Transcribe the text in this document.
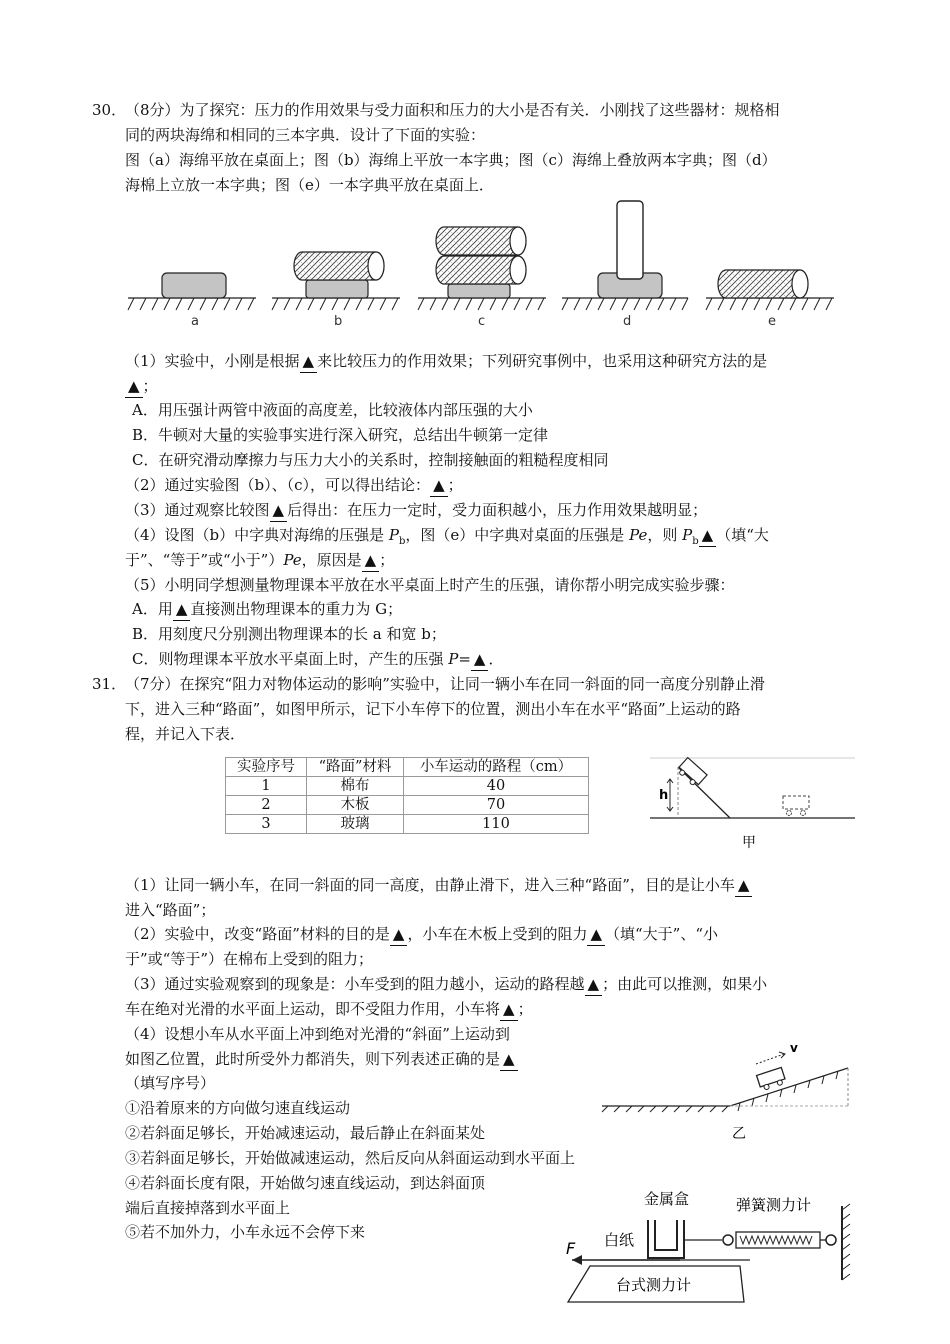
30．
（8分）为了探究：压力的作用效果与受力面积和压力的大小是否有关．小刚找了这些器材：规格相
同的两块海绵和相同的三本字典．设计了下面的实验：
图（a）海绵平放在桌面上；图（b）海绵上平放一本字典；图（c）海绵上叠放两本字典；图（d）
海棉上立放一本字典；图（e）一本字典平放在桌面上．
a	b	c	d	e
（1）实验中，小刚是根据 ▲ 来比较压力的作用效果；下列研究事例中，也采用这种研究方法的是
▲ ；
A．用压强计两管中液面的高度差，比较液体内部压强的大小
B．牛顿对大量的实验事实进行深入研究，总结出牛顿第一定律
C．在研究滑动摩擦力与压力大小的关系时，控制接触面的粗糙程度相同
（2）通过实验图（b）、（c），可以得出结论： ▲ ；
（3）通过观察比较图 ▲ 后得出：在压力一定时，受力面积越小，压力作用效果越明显；
（4）设图（b）中字典对海绵的压强是 $P_b$，图（e）中字典对桌面的压强是 Pe，则 $P_b$ ▲ （填“大
于”、“等于”或“小于”）Pe，原因是 ▲ ；
（5）小明同学想测量物理课本平放在水平桌面上时产生的压强，请你帮小明完成实验步骤：
A．用 ▲ 直接测出物理课本的重力为 G；
B．用刻度尺分别测出物理课本的长 a 和宽 b；
C．则物理课本平放水平桌面上时，产生的压强 P= ▲ ．
31．
（7分）在探究“阻力对物体运动的影响”实验中，让同一辆小车在同一斜面的同一高度分别静止滑
下，进入三种“路面”，如图甲所示，记下小车停下的位置，测出小车在水平“路面”上运动的路
程，并记入下表．
实验序号	“路面”材料	小车运动的路程（cm）
1	棉布	40
2	木板	70
3	玻璃	110
h
甲
（1）让同一辆小车，在同一斜面的同一高度，由静止滑下，进入三种“路面”，目的是让小车 ▲
进入“路面”；
（2）实验中，改变“路面”材料的目的是 ▲ ，小车在木板上受到的阻力 ▲ （填“大于”、“小
于”或“等于”）在棉布上受到的阻力；
（3）通过实验观察到的现象是：小车受到的阻力越小，运动的路程越 ▲ ；由此可以推测，如果小
车在绝对光滑的水平面上运动，即不受阻力作用，小车将 ▲ ；
（4）设想小车从水平面上冲到绝对光滑的“斜面”上运动到
如图乙位置，此时所受外力都消失，则下列表述正确的是 ▲
（填写序号）
①沿着原来的方向做匀速直线运动
②若斜面足够长，开始减速运动，最后静止在斜面某处
③若斜面足够长，开始做减速运动，然后反向从斜面运动到水平面上
④若斜面长度有限，开始做匀速直线运动，到达斜面顶
端后直接掉落到水平面上
⑤若不加外力，小车永远不会停下来
v
乙
金属盒	弹簧测力计
白纸
F
台式测力计
